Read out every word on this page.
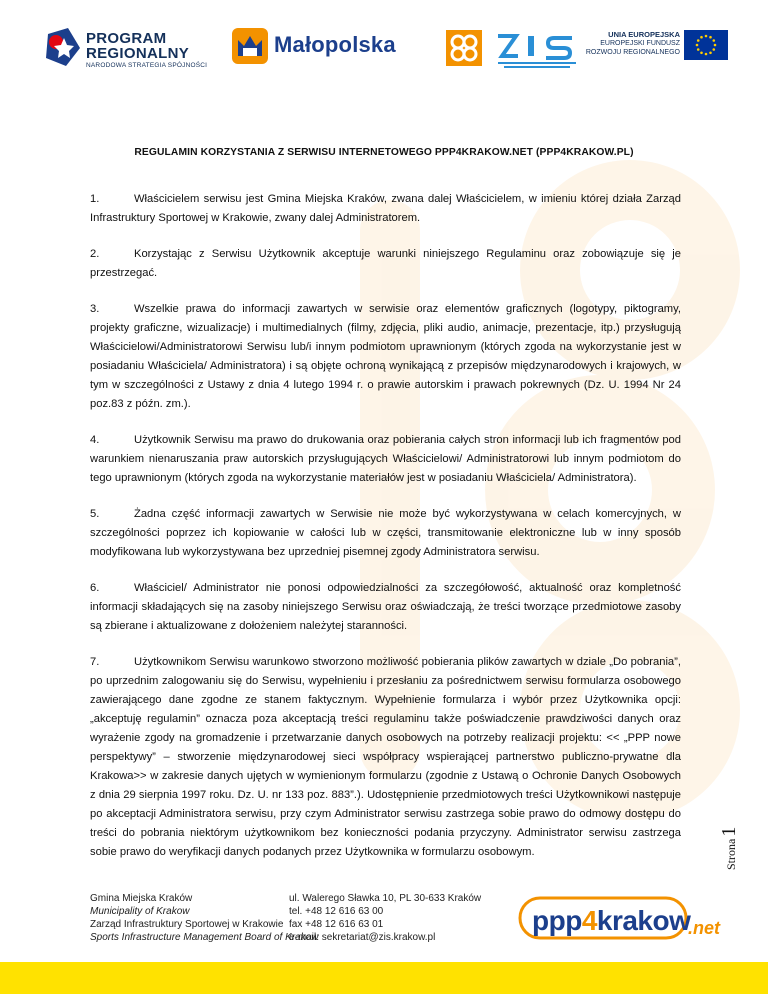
PROGRAM
REGIONALNY
NARODOWA STRATEGIA SPÓJNOŚCI
Małopolska	UNIA EUROPEJSKA
EUROPEJSKI FUNDUSZ
ROZWOJU REGIONALNEGO
REGULAMIN KORZYSTANIA Z SERWISU INTERNETOWEGO PPP4KRAKOW.NET (PPP4KRAKOW.PL)

1.	Właścicielem serwisu jest Gmina Miejska Kraków, zwana dalej Właścicielem, w imieniu której działa Zarząd Infrastruktury Sportowej w Krakowie, zwany dalej Administratorem.

2.	Korzystając z Serwisu Użytkownik akceptuje warunki niniejszego Regulaminu oraz zobowiązuje się je przestrzegać.

3.	Wszelkie prawa do informacji zawartych w serwisie oraz elementów graficznych (logotypy, piktogramy, projekty graficzne, wizualizacje) i multimedialnych (filmy, zdjęcia, pliki audio, animacje, prezentacje, itp.) przysługują Właścicielowi/Administratorowi Serwisu lub/i innym podmiotom uprawnionym (których zgoda na wykorzystanie jest w posiadaniu Właściciela/ Administratora) i są objęte ochroną wynikającą z przepisów międzynarodowych i krajowych, w tym w szczególności z Ustawy z dnia 4 lutego 1994 r. o prawie autorskim i prawach pokrewnych (Dz. U. 1994 Nr 24 poz.83 z późn. zm.).

4.	Użytkownik Serwisu ma prawo do drukowania oraz pobierania całych stron informacji lub ich fragmentów pod warunkiem nienaruszania praw autorskich przysługujących Właścicielowi/ Administratorowi lub innym podmiotom do tego uprawnionym (których zgoda na wykorzystanie materiałów jest w posiadaniu Właściciela/ Administratora).

5.	Żadna część informacji zawartych w Serwisie nie może być wykorzystywana w celach komercyjnych, w szczególności poprzez ich kopiowanie w całości lub w części, transmitowanie elektroniczne lub w inny sposób modyfikowana lub wykorzystywana bez uprzedniej pisemnej zgody Administratora serwisu.

6.	Właściciel/ Administrator nie ponosi odpowiedzialności za szczegółowość, aktualność oraz kompletność informacji składających się na zasoby niniejszego Serwisu oraz oświadczają, że treści tworzące przedmiotowe zasoby są zbierane i aktualizowane z dołożeniem należytej staranności.

7.	Użytkownikom Serwisu warunkowo stworzono możliwość pobierania plików zawartych w dziale „Do pobrania”, po uprzednim zalogowaniu się do Serwisu, wypełnieniu i przesłaniu za pośrednictwem serwisu formularza osobowego zawierającego dane zgodne ze stanem faktycznym. Wypełnienie formularza i wybór przez Użytkownika opcji: „akceptuję regulamin” oznacza poza akceptacją treści regulaminu także poświadczenie prawdziwości danych oraz wyrażenie zgody na gromadzenie i przetwarzanie danych osobowych na potrzeby realizacji projektu: << „PPP nowe perspektywy” – stworzenie międzynarodowej sieci współpracy wspierającej partnerstwo publiczno-prywatne dla Krakowa>> w zakresie danych ujętych w wymienionym formularzu (zgodnie z Ustawą o Ochronie Danych Osobowych z dnia 29 sierpnia 1997 roku. Dz. U. nr 133 poz. 883”.). Udostępnienie przedmiotowych treści Użytkownikowi następuje po akceptacji Administratora serwisu, przy czym Administrator serwisu zastrzega sobie prawo do odmowy dostępu do treści do pobrania niektórym użytkownikom bez konieczności podania przyczyny. Administrator serwisu zastrzega sobie prawo do weryfikacji danych podanych przez Użytkownika w formularzu osobowym.	Strona1
Gmina Miejska Kraków
Municipality of Krakow
Zarząd Infrastruktury Sportowej w Krakowie
Sports Infrastructure Management Board of Krakow
ul. Walerego Sławka 10, PL 30-633 Kraków
tel. +48 12 616 63 00
fax +48 12 616 63 01
e-mail: sekretariat@zis.krakow.pl
ppp4krakow
.net
